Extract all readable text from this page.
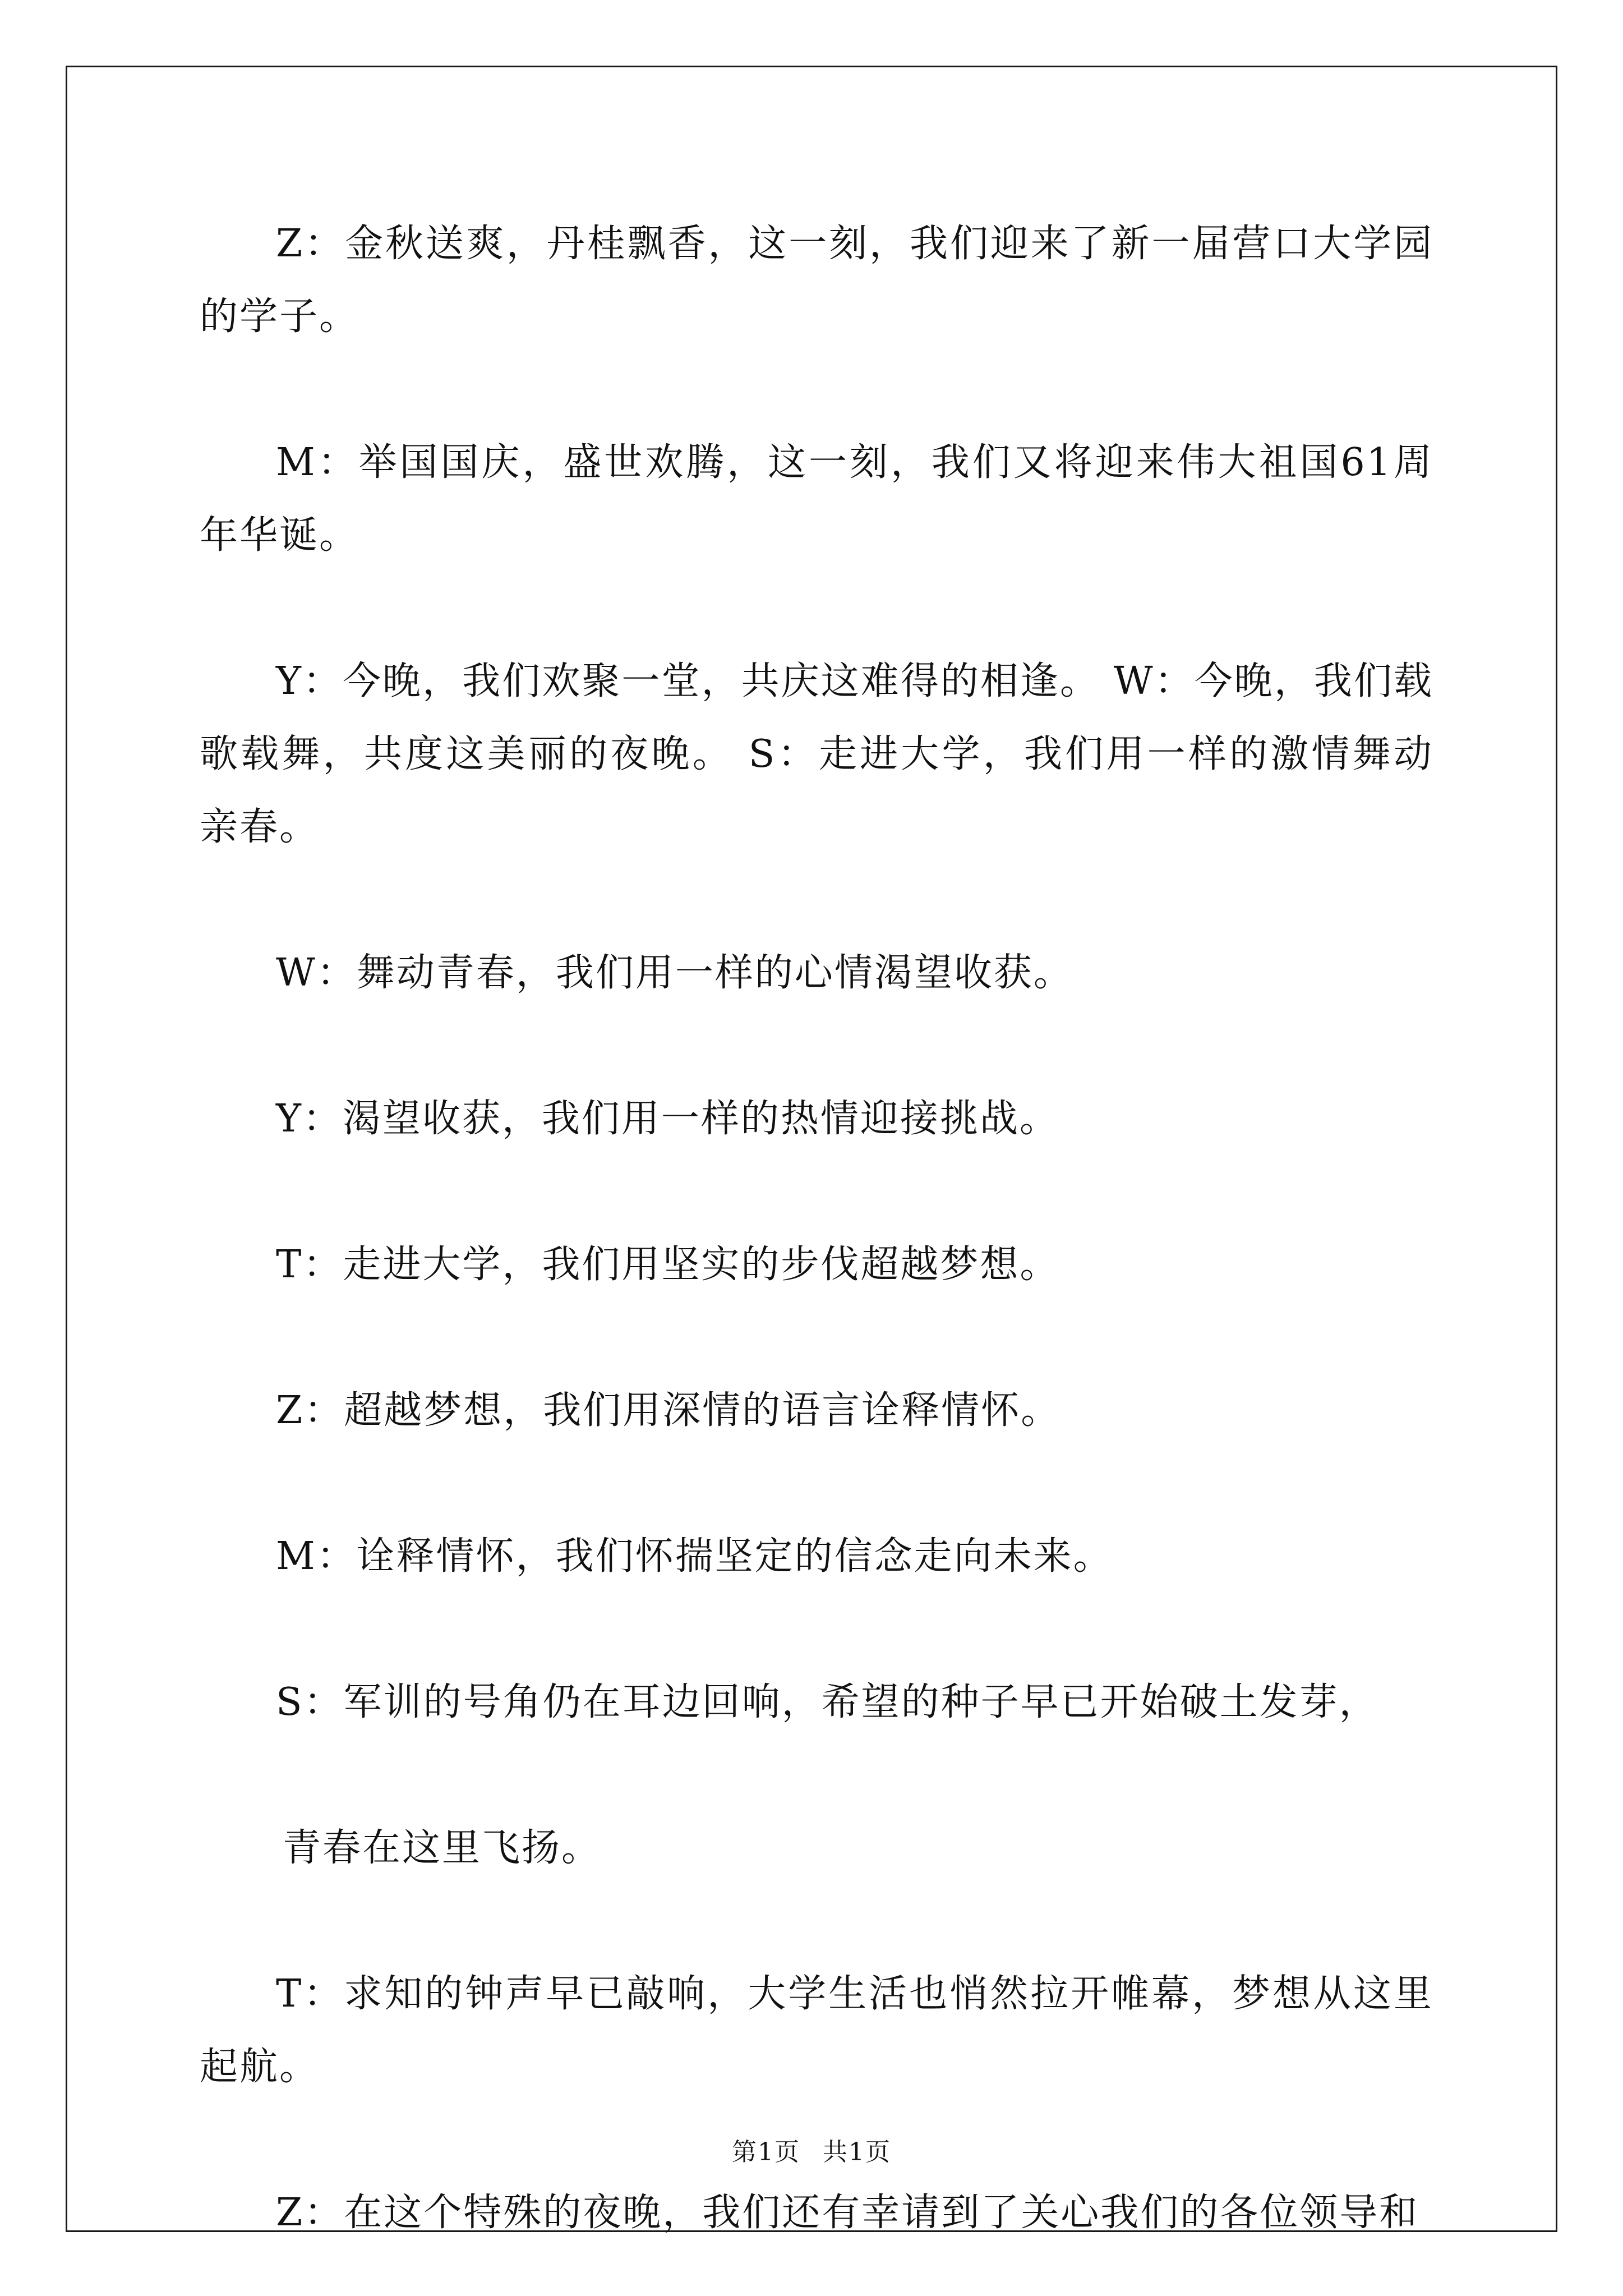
Z：金秋送爽，丹桂飘香，这一刻，我们迎来了新一届营口大学园的学子。

M：举国国庆，盛世欢腾，这一刻，我们又将迎来伟大祖国61周年华诞。

Y：今晚，我们欢聚一堂，共庆这难得的相逢。 W：今晚，我们载歌载舞，共度这美丽的夜晚。 S：走进大学，我们用一样的激情舞动亲春。

W：舞动青春，我们用一样的心情渴望收获。

Y：渴望收获，我们用一样的热情迎接挑战。

T：走进大学，我们用坚实的步伐超越梦想。

Z：超越梦想，我们用深情的语言诠释情怀。

M：诠释情怀，我们怀揣坚定的信念走向未来。

S：军训的号角仍在耳边回响，希望的种子早已开始破土发芽，

青春在这里飞扬。

T：求知的钟声早已敲响，大学生活也悄然拉开帷幕，梦想从这里起航。

Z：在这个特殊的夜晚，我们还有幸请到了关心我们的各位领导和

第1页 共1页
